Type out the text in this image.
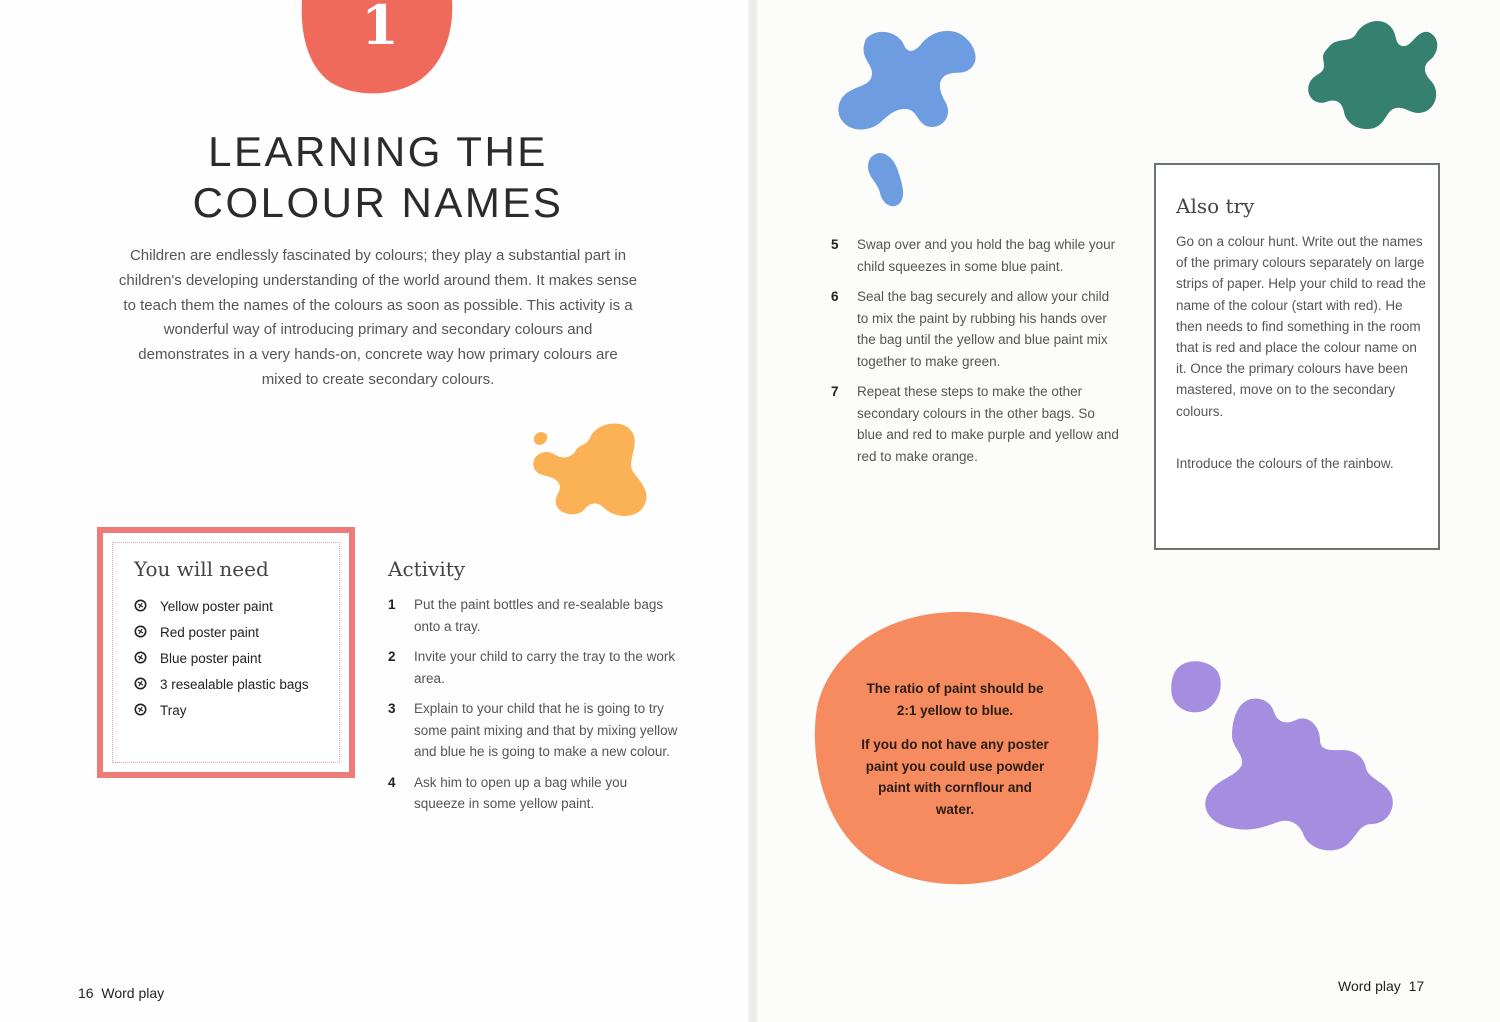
1
LEARNING THE
COLOUR NAMES

Children are endlessly fascinated by colours; they play a substantial part in children's developing understanding of the world around them. It makes sense to teach them the names of the colours as soon as possible. This activity is a wonderful way of introducing primary and secondary colours and demonstrates in a very hands-on, concrete way how primary colours are mixed to create secondary colours.

You will need
Yellow poster paint
Red poster paint
Blue poster paint
3 resealable plastic bags
Tray
Activity
1 Put the paint bottles and re-sealable bags onto a tray.
2 Invite your child to carry the tray to the work area.
3 Explain to your child that he is going to try some paint mixing and that by mixing yellow and blue he is going to make a new colour.
4 Ask him to open up a bag while you squeeze in some yellow paint.
16 Word play
5 Swap over and you hold the bag while your child squeezes in some blue paint.
6 Seal the bag securely and allow your child to mix the paint by rubbing his hands over the bag until the yellow and blue paint mix together to make green.
7 Repeat these steps to make the other secondary colours in the other bags. So blue and red to make purple and yellow and red to make orange.
Also try

Go on a colour hunt. Write out the names of the primary colours separately on large strips of paper. Help your child to read the name of the colour (start with red). He then needs to find something in the room that is red and place the colour name on it. Once the primary colours have been mastered, move on to the secondary colours.

Introduce the colours of the rainbow.

The ratio of paint should be 2:1 yellow to blue.

If you do not have any poster paint you could use powder paint with cornflour and water.

Word play 17
